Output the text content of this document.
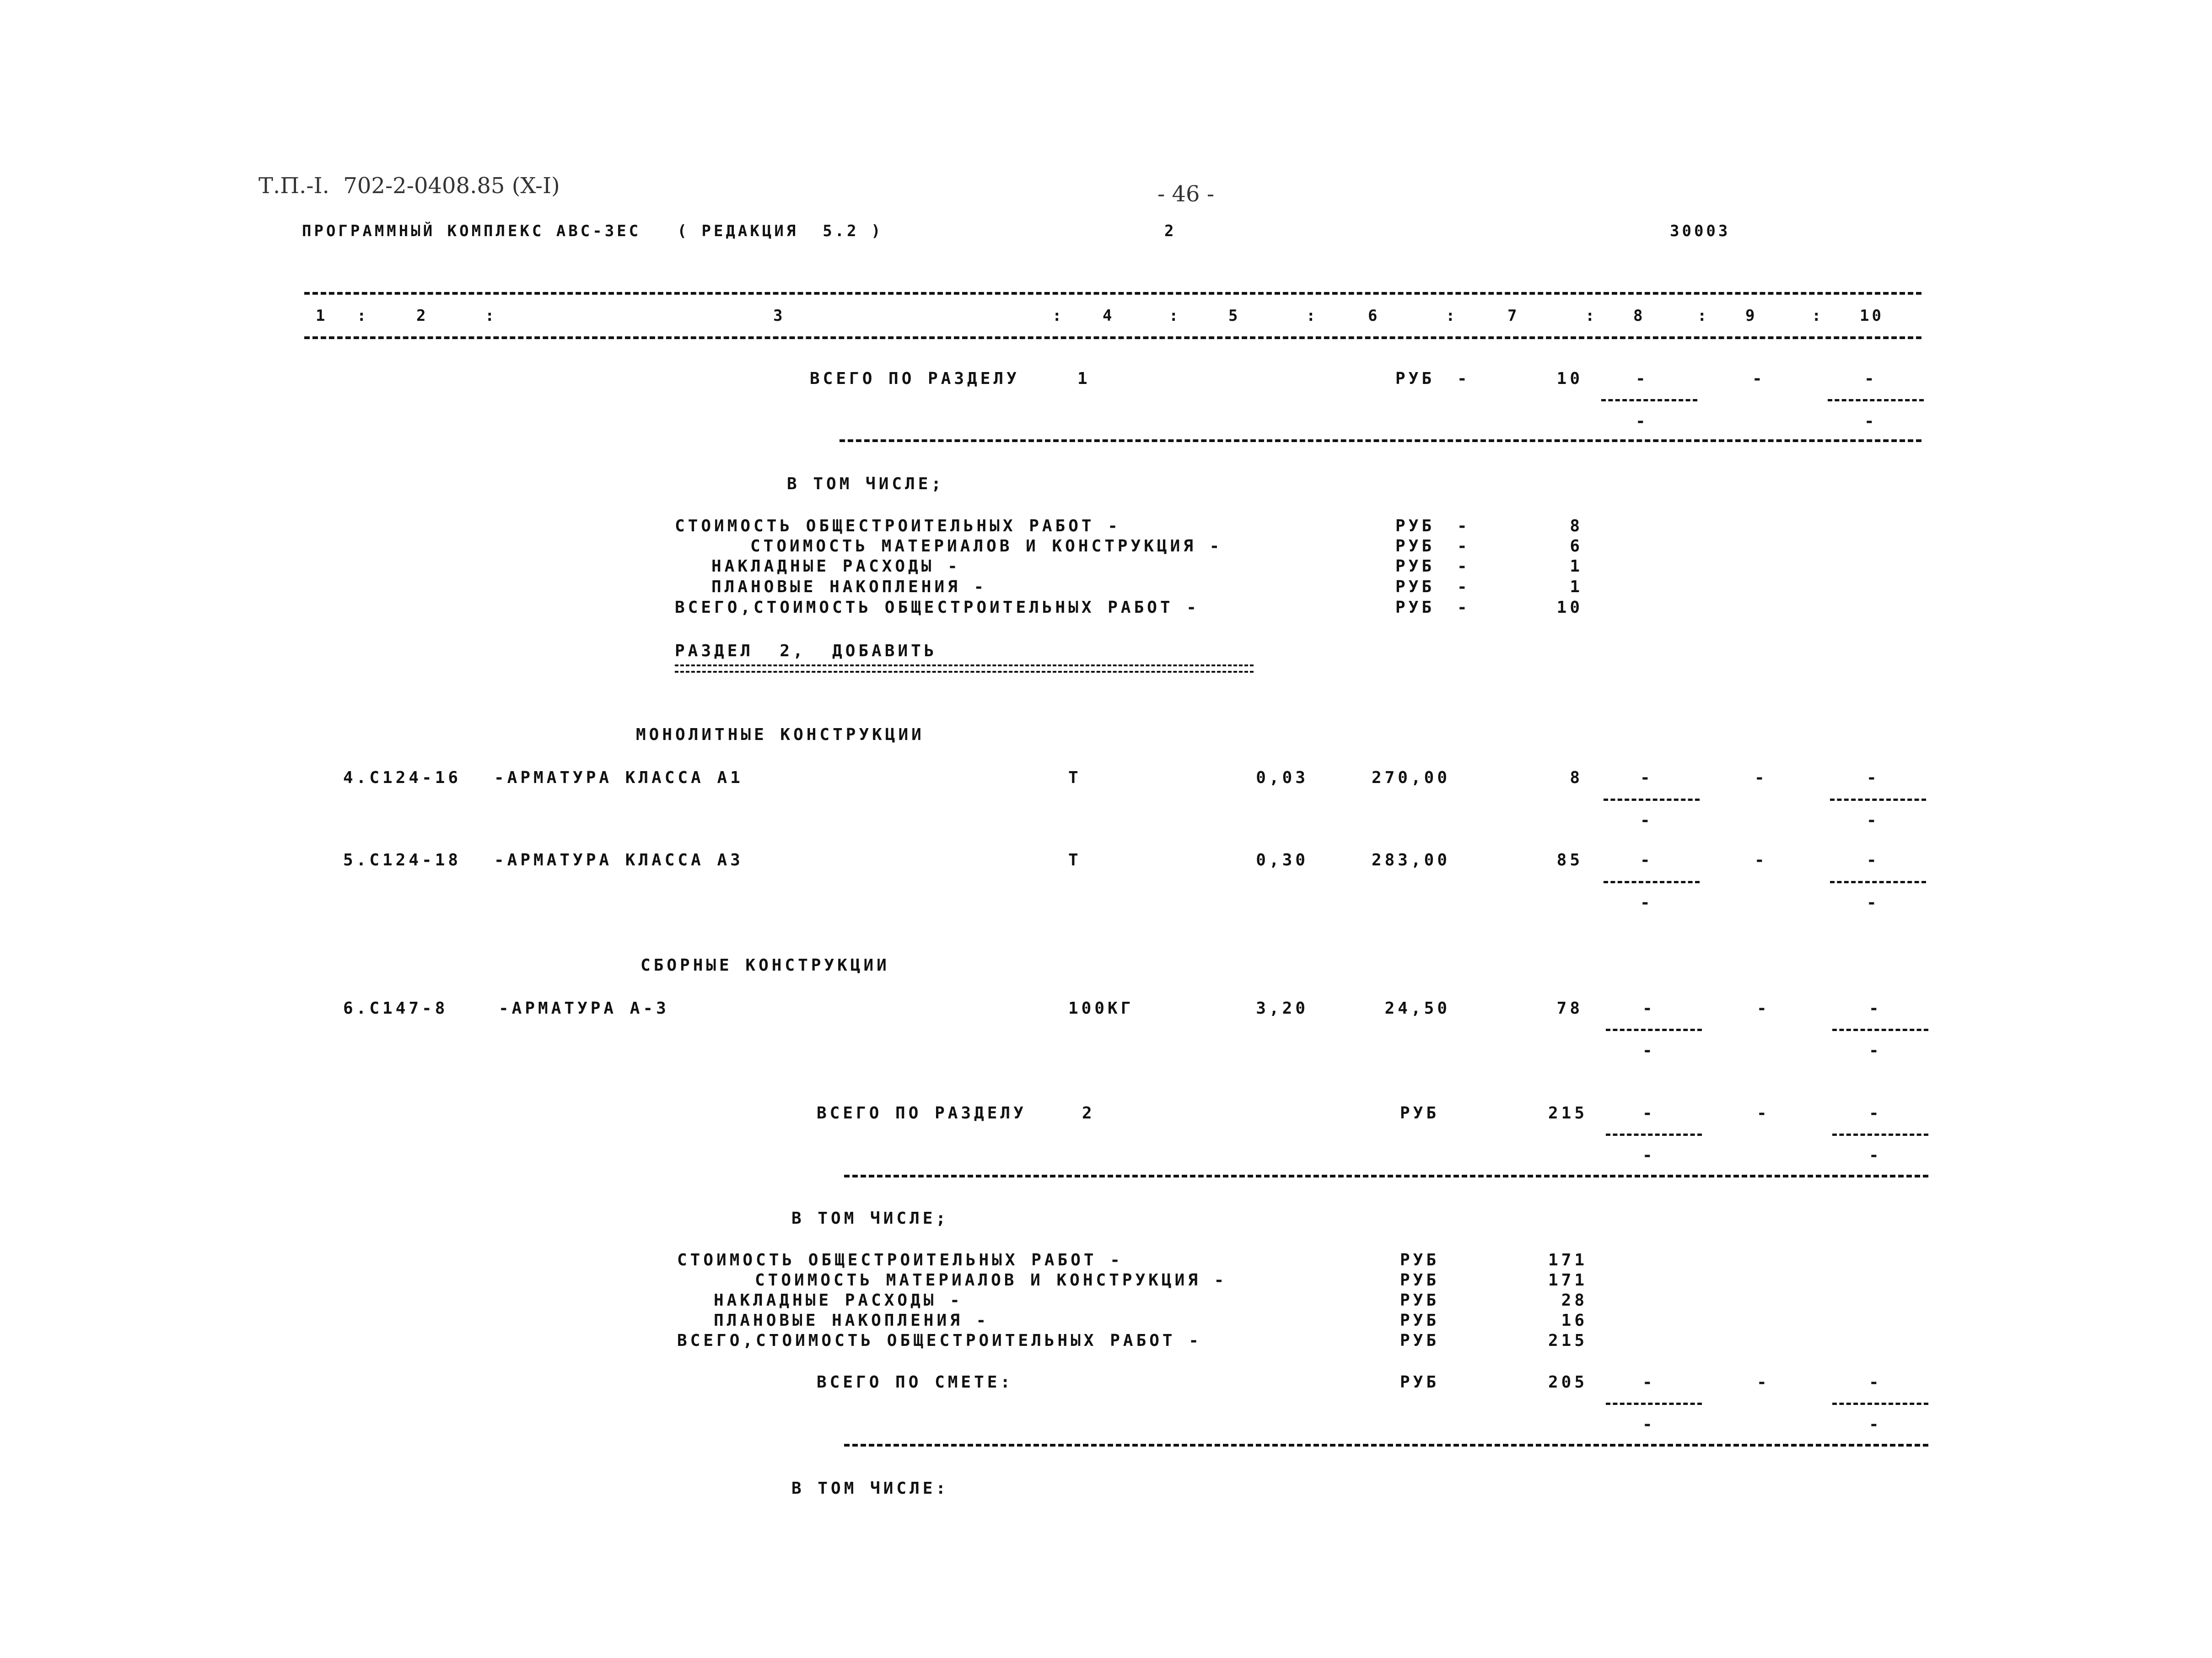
Т.П.-I.  702-2-0408.85 (X-I)	- 46 -
ПРОГРАММНЫЙ КОМПЛЕКС АВС-3ЕС   ( РЕДАКЦИЯ  5.2 )	2	30003
1 :	2	:	3	: 4	:	5	:	6	:	7	: 8	: 9	: 10
ВСЕГО ПО РАЗДЕЛУ	1	РУБ -	10	-	-	-
-	-
В ТОМ ЧИСЛЕ;
СТОИМОСТЬ ОБЩЕСТРОИТЕЛЬНЫХ РАБОТ -	РУБ -	8
СТОИМОСТЬ МАТЕРИАЛОВ И КОНСТРУКЦИЯ -	РУБ -	6
НАКЛАДНЫЕ РАСХОДЫ -	РУБ -	1
ПЛАНОВЫЕ НАКОПЛЕНИЯ -	РУБ -	1
ВСЕГО,СТОИМОСТЬ ОБЩЕСТРОИТЕЛЬНЫХ РАБОТ -	РУБ -	10
РАЗДЕЛ  2,  ДОБАВИТЬ
МОНОЛИТНЫЕ КОНСТРУКЦИИ
4.С124-16 -АРМАТУРА КЛАССА А1	Т	0,03	270,00	8	-	-	-
-	-
5.С124-18 -АРМАТУРА КЛАССА А3	Т	0,30	283,00	85	-	-	-
-	-
СБОРНЫЕ КОНСТРУКЦИИ
6.С147-8	-АРМАТУРА А-3	100КГ	3,20	24,50	78	-	-	-
-	-
ВСЕГО ПО РАЗДЕЛУ	2	РУБ	215	-	-	-
-	-
В ТОМ ЧИСЛЕ;
СТОИМОСТЬ ОБЩЕСТРОИТЕЛЬНЫХ РАБОТ -	РУБ	171
СТОИМОСТЬ МАТЕРИАЛОВ И КОНСТРУКЦИЯ -	РУБ	171
НАКЛАДНЫЕ РАСХОДЫ -	РУБ	28
ПЛАНОВЫЕ НАКОПЛЕНИЯ -	РУБ	16
ВСЕГО,СТОИМОСТЬ ОБЩЕСТРОИТЕЛЬНЫХ РАБОТ -	РУБ	215
ВСЕГО ПО СМЕТЕ:	РУБ	205	-	-	-
-	-
В ТОМ ЧИСЛЕ:
